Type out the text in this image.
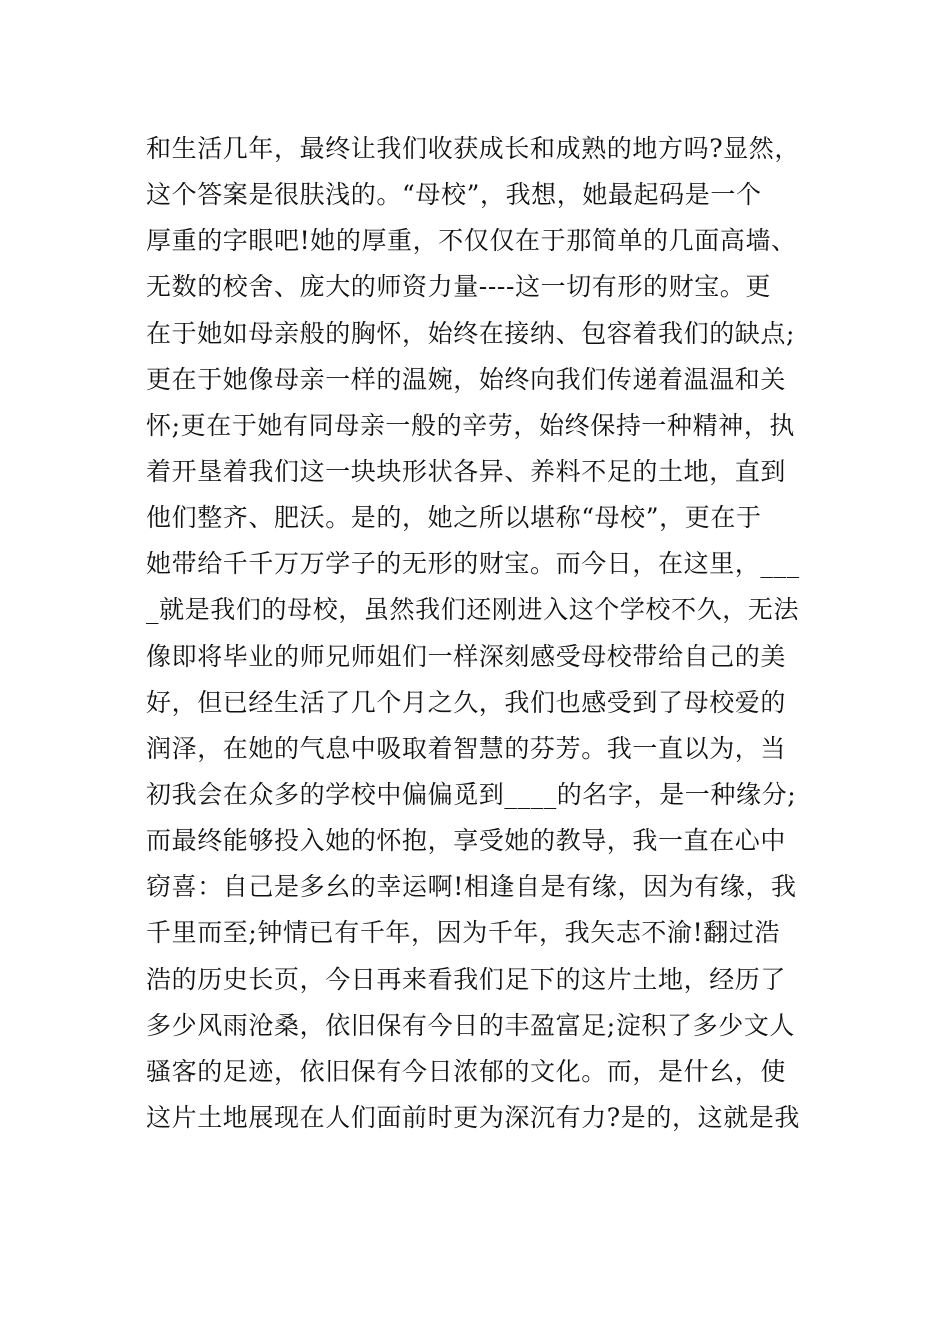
和生活几年，最终让我们收获成长和成熟的地方吗?显然，
这个答案是很肤浅的。“母校”，我想，她最起码是一个
厚重的字眼吧!她的厚重，不仅仅在于那简单的几面高墙、
无数的校舍、庞大的师资力量----这一切有形的财宝。更
在于她如母亲般的胸怀，始终在接纳、包容着我们的缺点;
更在于她像母亲一样的温婉，始终向我们传递着温温和关
怀;更在于她有同母亲一般的辛劳，始终保持一种精神，执
着开垦着我们这一块块形状各异、养料不足的土地，直到
他们整齐、肥沃。是的，她之所以堪称“母校”，更在于
她带给千千万万学子的无形的财宝。而今日，在这里，___
_就是我们的母校，虽然我们还刚进入这个学校不久，无法
像即将毕业的师兄师姐们一样深刻感受母校带给自己的美
好，但已经生活了几个月之久，我们也感受到了母校爱的
润泽，在她的气息中吸取着智慧的芬芳。我一直以为，当
初我会在众多的学校中偏偏觅到____的名字，是一种缘分;
而最终能够投入她的怀抱，享受她的教导，我一直在心中
窃喜：自己是多幺的幸运啊!相逢自是有缘，因为有缘，我
千里而至;钟情已有千年，因为千年，我矢志不渝!翻过浩
浩的历史长页，今日再来看我们足下的这片土地，经历了
多少风雨沧桑，依旧保有今日的丰盈富足;淀积了多少文人
骚客的足迹，依旧保有今日浓郁的文化。而，是什幺，使
这片土地展现在人们面前时更为深沉有力?是的，这就是我
